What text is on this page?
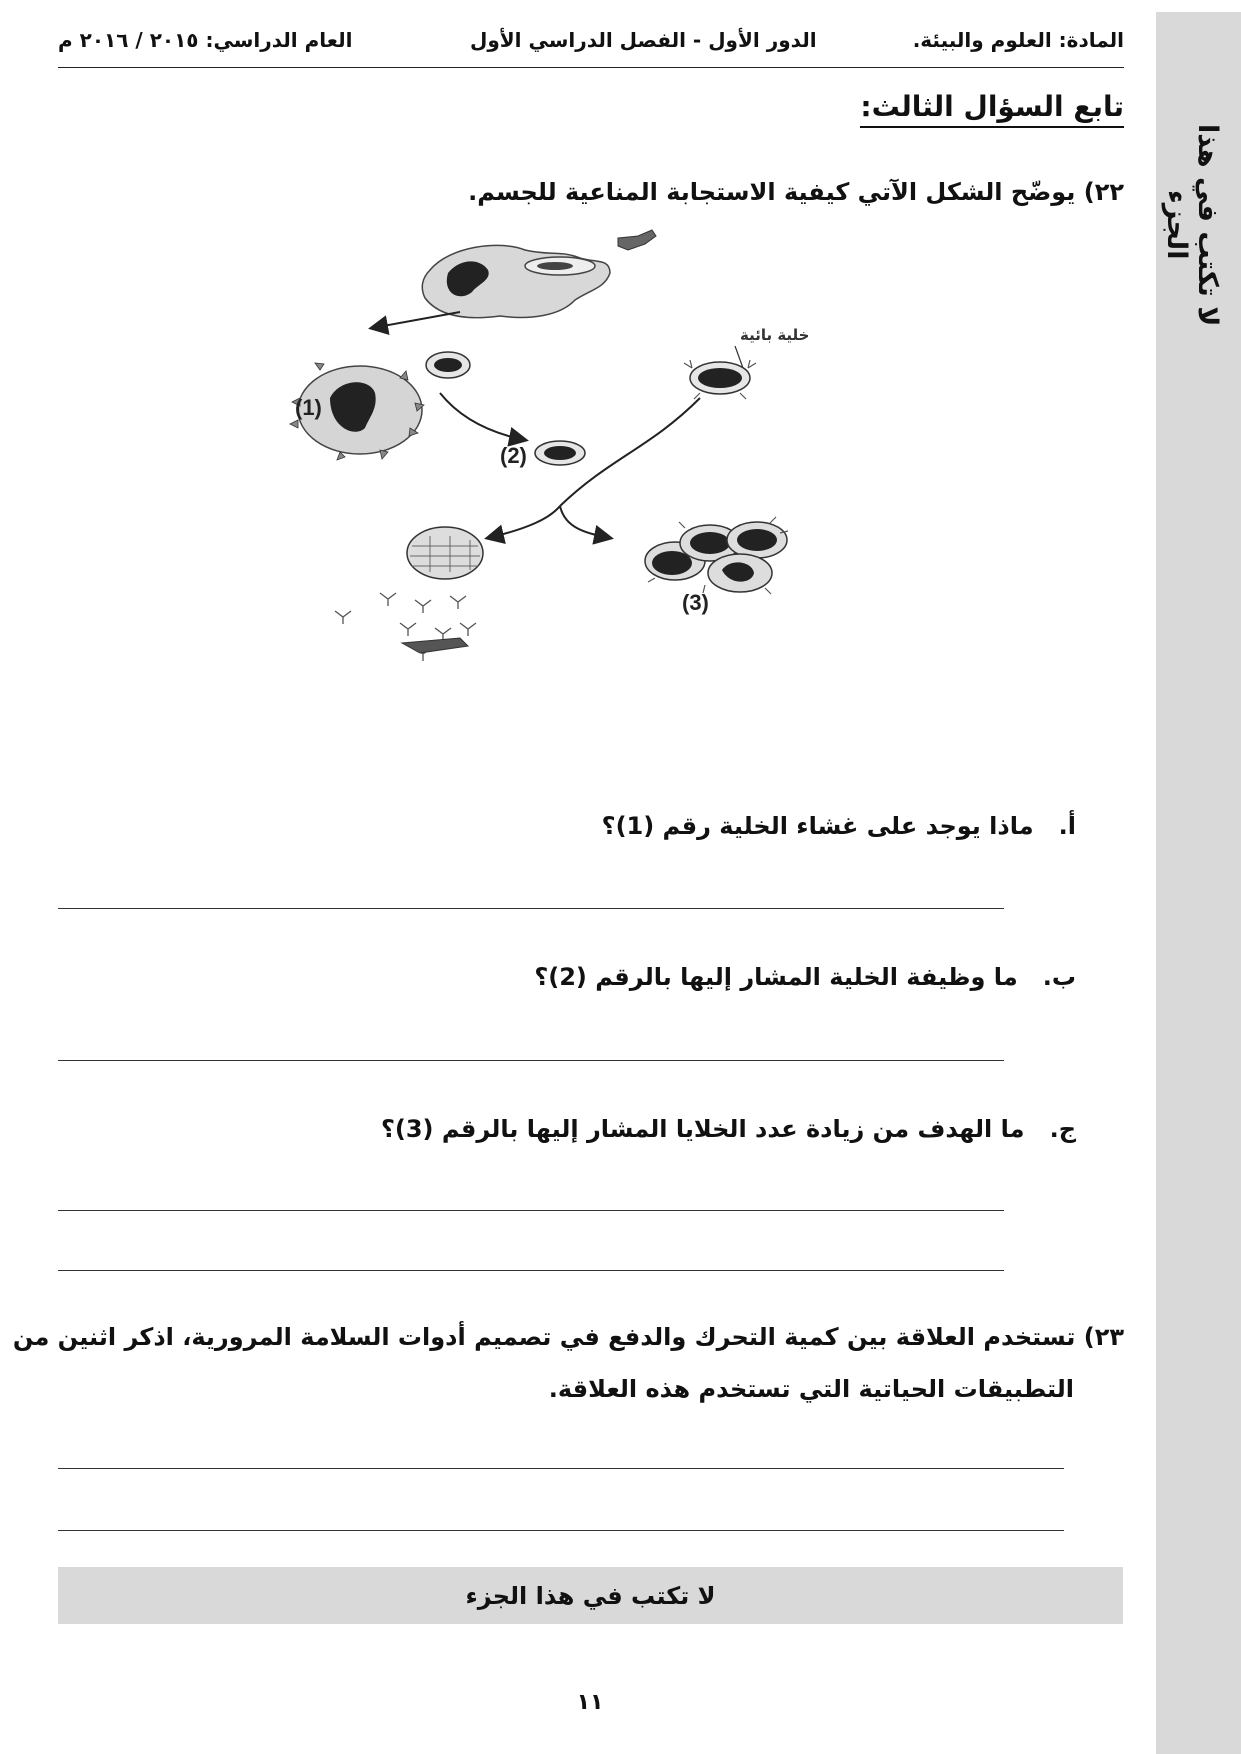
لا تكتب في هذا الجزء
المادة: العلوم والبيئة.
الدور الأول - الفصل الدراسي الأول
العام الدراسي: ٢٠١٥ / ٢٠١٦ م
تابع السؤال الثالث:
٢٢) يوضّح الشكل الآتي كيفية الاستجابة المناعية للجسم.
(1)
(2)
خلية بائية
(3)
أ.   ماذا يوجد على غشاء الخلية رقم (1)؟
ب.   ما وظيفة الخلية المشار إليها بالرقم (2)؟
ج.   ما الهدف من زيادة عدد الخلايا المشار إليها بالرقم (3)؟
٢٣) تستخدم العلاقة بين كمية التحرك والدفع في تصميم أدوات السلامة المرورية، اذكر اثنين من
التطبيقات الحياتية التي تستخدم هذه العلاقة.
لا تكتب في هذا الجزء
١١
